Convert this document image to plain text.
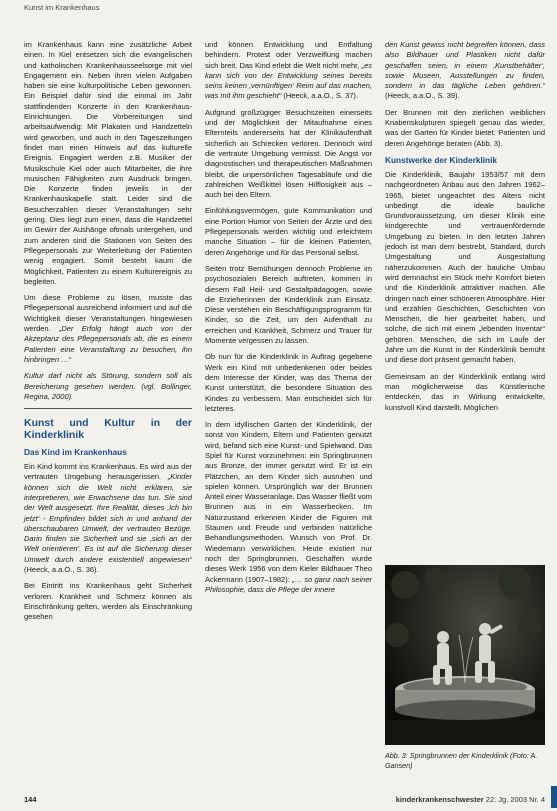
Kunst im Krankenhaus

im Krankenhaus kann eine zusätzliche Arbeit einen. In Kiel entsetzen sich die evangelischen und katholischen Krankenhausseelsorge mit viel Engagement ein. Neben ihren vielen Aufgaben haben sie eine kulturpolitische Leben gewonnen. Ein Beispiel dafür sind die einmal im Jahr stattfindenden Konzerte in den Krankenhaus-Einrichtungen. Die Vorbereitungen sind arbeitsaufwendig: Mit Plakaten und Handzetteln wird geworben, und auch in den Tageszeitungen findet man einen Hinweis auf das kulturelle Ereignis. Engagiert werden z.B. Musiker der Musikschule Kiel oder auch Mitarbeiter, die ihre musischen Fähigkeiten zum Ausdruck bringen. Die Konzerte finden jeweils in der Krankenhauskapelle statt. Leider sind die Besucherzahlen dieser Veranstaltungen sehr gering. Dies liegt zum einen, dass die Handzettel im Gewirr der Aushänge oftmals untergehen, und zum anderen sind die Stationen von Seiten des Pflegepersonals zur Weiterleitung der Patienten wenig engagiert. Somit besteht kaum die Möglichkeit, Patienten zu einem Kulturereignis zu begleiten.

Um diese Probleme zu lösen, musste das Pflegepersonal ausreichend informiert und auf die Wichtigkeit dieser Veranstaltungen hingewiesen werden. „Der Erfolg hängt auch von der Akzeptanz des Pflegepersonals ab, die es einem Patienten eine Veranstaltung zu besuchen, ihn hinbringen …“

Kultur darf nicht als Störung, sondern soll als Bereicherung gesehen werden. (vgl. Bollinger, Regina, 2000).

Kunst und Kultur in der Kinderklinik
Das Kind im Krankenhaus

Ein Kind kommt ins Krankenhaus. Es wird aus der vertrauten Umgebung herausgerissen. „Kinder können sich die Welt nicht erklären, sie interpretieren, wie Erwachsene das tun. Sie sind der Welt ausgesetzt. Ihre Realität, dieses ‚Ich bin jetzt‘ - Empfinden bildet sich in und anhand der überschaubaren Umwelt, der vertrauten Bezüge. Darin finden sie Sicherheit und sie ‚sich an der Welt orientieren‘. Es ist auf die Sicherung dieser Umwelt durch andere existentiell angewiesen“ (Heeck, a.a.O., S. 36).

Bei Eintritt ins Krankenhaus geht Sicherheit verloren. Krankheit und Schmerz können als Einschränkung gelten, werden als Einschränkung gesehen

und können Entwicklung und Entfaltung behindern. Protest oder Verzweiflung machen sich breit. Das Kind erlebt die Welt nicht mehr, „es kann sich von der Entwicklung seines bereits seins keinen ‚vernünftigen‘ Reim auf das machen, was mit ihm geschieht“ (Heeck, a.a.O., S. 37).

Aufgrund großzügiger Besuchszeiten einerseits und der Möglichkeit der Mitaufnahme eines Elternteils andererseits hat der Klinikaufenthalt sicherlich an Schrecken verloren. Dennoch wird die vertraute Umgebung vermisst. Die Angst vor diagnostischen und therapeutischen Maßnahmen bleibt, die unpersönlichen Tagesabläufe und die zahlreichen Weißkittel lösen Hilflosigkeit aus – auch bei den Eltern.

Einfühlungsvermögen, gute Kommunikation und eine Portion Humor von Seiten der Ärzte und des Pflegepersonals werden wichtig und erleichtern manche Situation – für die kleinen Patienten, deren Angehörige und für das Personal selbst.

Seiten trotz Bemühungen dennoch Probleme im psychosozialen Bereich auftreten, kommen in diesem Fall Heil- und Gestaltpädagogen, sowie die Erzieherinnen der Kinderklinik zum Einsatz. Diese verstehen ein Beschäftigungsprogramm für Kinder, so die Zeit, um den Aufenthalt zu erreichen und Krankheit, Schmerz und Trauer für Momente vergessen zu lassen.

Ob nun für die Kinderklinik in Auftrag gegebene Werk ein Kind mit unbedenkenen oder beides dem Interesse der Kinder, was das Thema der Kunst unterstützt, die besondere Situation des Kindes zu verbessern. Man entscheidet sich für letzteres.

In dem idyllischen Garten der Kinderklinik, der sonst von Kindern, Eltern und Patienten genutzt wird, befand sich eine Kunst- und Spielwand. Das Spiel für Kunst vorzunehmen: ein Springbrunnen aus Bronze, der immer genutzt wird. Er ist ein Plätzchen, an dem Kinder sich ausruhen und spielen können. Ursprünglich war der Brunnen Anteil einer Wasseranlage. Das Wasser fließt vom Brunnen aus in ein Wasserbecken. Im Naturzustand erkennen Kinder die Figuren mit Staunen und Freude und verbinden natürliche Behandlungsmethoden. Wunsch von Prof. Dr. Wiedemann verwirklichen. Heute existiert nur noch der Springbrunnen. Geschaffen wurde dieses Werk 1956 von dem Kieler Bildhauer Theo Ackermann (1907–1982): „… so ganz nach seiner Philosophie, dass die Pflege der innere

den Kunst gewiss nicht begreifen können, dass also Bildhauer und Plastiken nicht dafür geschaffen seien, in einem ‚Kunstbehälter‘, sowie Museen, Ausstellungen zu finden, sondern in das tägliche Leben gehören.“ (Heeck, a.a.O., S. 39).

Der Brunnen mit den zierlichen weiblichen Knabenskulpturen spiegelt genau das wieder, was der Garten für Kinder bietet: Patienten und deren Angehörige beraten (Abb. 3).

Kunstwerke der Kinderklinik

Die Kinderklinik, Baujahr 1953/57 mit dem nachgeordneten Anbau aus den Jahren 1962–1965, bietet ungeachtet des Alters nicht unbedingt die ideale bauliche Grundvoraussetzung, um dieser Klinik eine kindgerechte und vertrauenfördernde Umgebung zu bieten. In den letzten Jahren jedoch ist man dem bestrebt, Standard, durch Umgestaltung und Ausgestaltung näherzukommen. Auch der bauliche Umbau wird demnächst ein Stück mehr Komfort bieten und die Kinderklinik attraktiver machen. Alle dringen nach einer schöneren Atmosphäre. Hier und erzählen Geschichten, Geschichten von Menschen, die hier gearbeitet haben, und solche, die sich mit einem „lebenden Inventar“ gehören. Menschen, die sich im Laufe der Jahre um die Kunst in der Kinderklinik bemüht und diese dort präsent gemacht haben.

Gemeinsam an der Kinderklinik entlang wird man möglicherweise das Künstlerische entdecken, das in Wirkung entwickelte, kunstvoll Kind darstellt. Möglichen

Abb. 3: Springbrunnen der Kinderklinik (Foto: A. Gansen)
144	kinderkrankenschwester 22. Jg. 2003 Nr. 4
